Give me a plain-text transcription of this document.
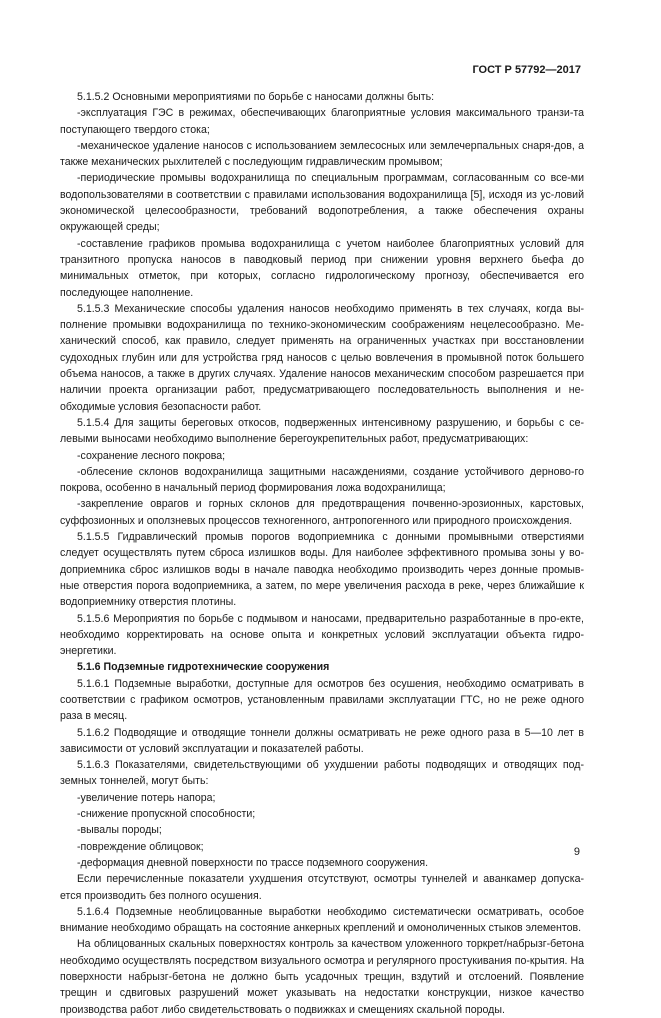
ГОСТ Р 57792—2017

5.1.5.2 Основными мероприятиями по борьбе с наносами должны быть:

-эксплуатация ГЭС в режимах, обеспечивающих благоприятные условия максимального транзи-та поступающего твердого стока;

-механическое удаление наносов с использованием землесосных или землечерпальных снаря-дов, а также механических рыхлителей с последующим гидравлическим промывом;

-периодические промывы водохранилища по специальным программам, согласованным со все-ми водопользователями в соответствии с правилами использования водохранилища [5], исходя из ус-ловий экономической целесообразности, требований водопотребления, а также обеспечения охраны окружающей среды;

-составление графиков промыва водохранилища с учетом наиболее благоприятных условий для транзитного пропуска наносов в паводковый период при снижении уровня верхнего бьефа до минимальных отметок, при которых, согласно гидрологическому прогнозу, обеспечивается его последующее наполнение.

5.1.5.3 Механические способы удаления наносов необходимо применять в тех случаях, когда вы-полнение промывки водохранилища по технико-экономическим соображениям нецелесообразно. Ме-ханический способ, как правило, следует применять на ограниченных участках при восстановлении судоходных глубин или для устройства гряд наносов с целью вовлечения в промывной поток большего объема наносов, а также в других случаях. Удаление наносов механическим способом разрешается при наличии проекта организации работ, предусматривающего последовательность выполнения и не-обходимые условия безопасности работ.

5.1.5.4 Для защиты береговых откосов, подверженных интенсивному разрушению, и борьбы с се-левыми выносами необходимо выполнение берегоукрепительных работ, предусматривающих:

-сохранение лесного покрова;

-облесение склонов водохранилища защитными насаждениями, создание устойчивого дерново-го покрова, особенно в начальный период формирования ложа водохранилища;

-закрепление оврагов и горных склонов для предотвращения почвенно-эрозионных, карстовых, суффозионных и оползневых процессов техногенного, антропогенного или природного происхождения.

5.1.5.5 Гидравлический промыв порогов водоприемника с донными промывными отверстиями следует осуществлять путем сброса излишков воды. Для наиболее эффективного промыва зоны у во-доприемника сброс излишков воды в начале паводка необходимо производить через донные промыв-ные отверстия порога водоприемника, а затем, по мере увеличения расхода в реке, через ближайшие к водоприемнику отверстия плотины.

5.1.5.6 Мероприятия по борьбе с подмывом и наносами, предварительно разработанные в про-екте, необходимо корректировать на основе опыта и конкретных условий эксплуатации объекта гидро-энергетики.

5.1.6 Подземные гидротехнические сооружения

5.1.6.1 Подземные выработки, доступные для осмотров без осушения, необходимо осматривать в соответствии с графиком осмотров, установленным правилами эксплуатации ГТС, но не реже одного раза в месяц.

5.1.6.2 Подводящие и отводящие тоннели должны осматривать не реже одного раза в 5—10 лет в зависимости от условий эксплуатации и показателей работы.

5.1.6.3 Показателями, свидетельствующими об ухудшении работы подводящих и отводящих под-земных тоннелей, могут быть:

-увеличение потерь напора;

-снижение пропускной способности;

-вывалы породы;

-повреждение облицовок;

-деформация дневной поверхности по трассе подземного сооружения.

Если перечисленные показатели ухудшения отсутствуют, осмотры туннелей и аванкамер допуска-ется производить без полного осушения.

5.1.6.4 Подземные необлицованные выработки необходимо систематически осматривать, особое внимание необходимо обращать на состояние анкерных креплений и омоноличенных стыков элементов.

На облицованных скальных поверхностях контроль за качеством уложенного торкрет/набрызг-бетона необходимо осуществлять посредством визуального осмотра и регулярного простукивания по-крытия. На поверхности набрызг-бетона не должно быть усадочных трещин, вздутий и отслоений. Появление трещин и сдвиговых разрушений может указывать на недостатки конструкции, низкое качество производства работ либо свидетельствовать о подвижках и смещениях скальной породы.

9
